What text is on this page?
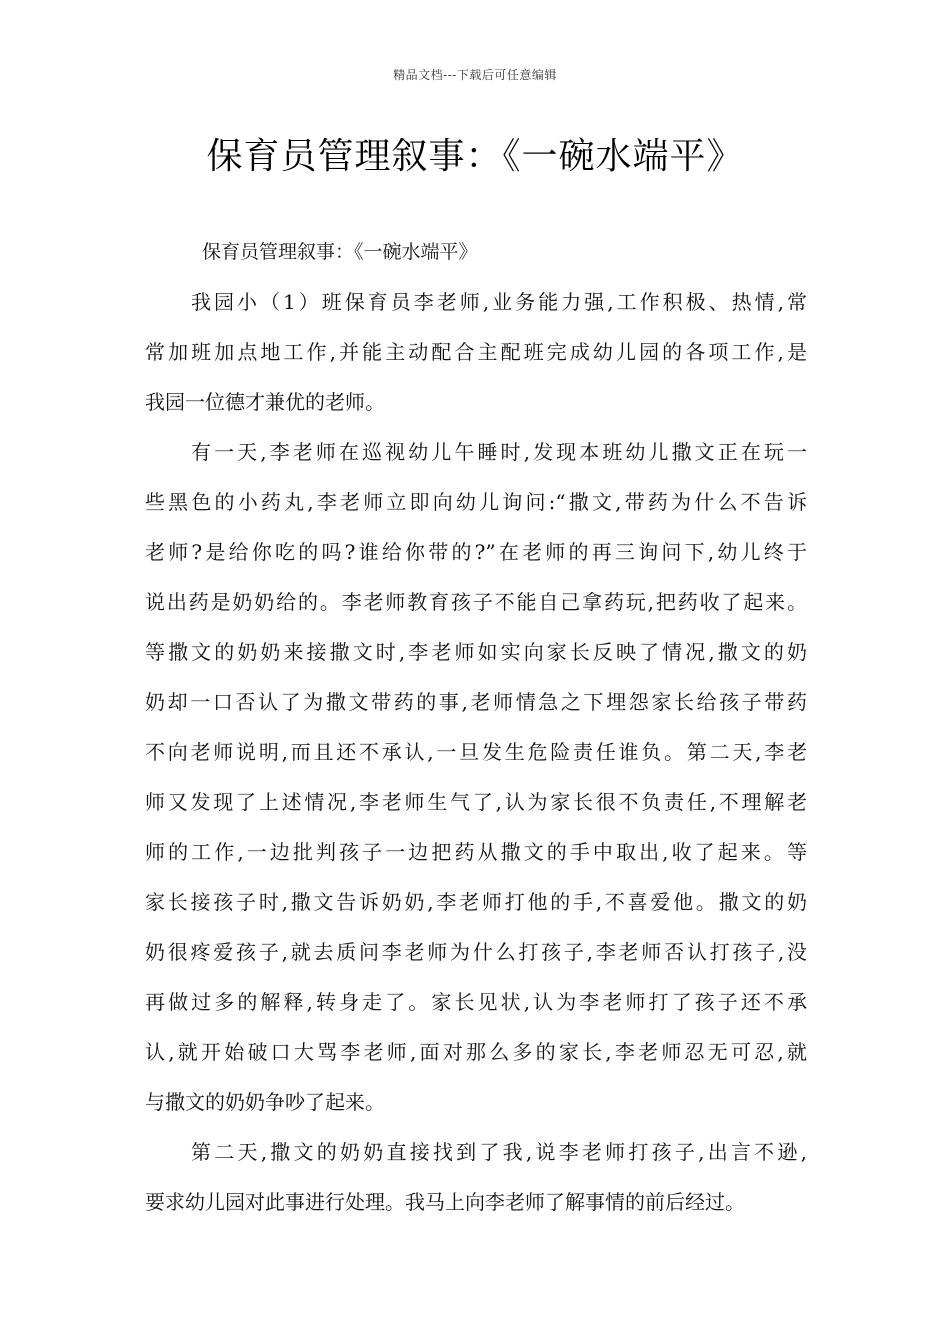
精品文档---下载后可任意编辑
保育员管理叙事：《一碗水端平》
保育员管理叙事：《一碗水端平》
我园小（1）班保育员李老师,业务能力强,工作积极、热情,常
常加班加点地工作,并能主动配合主配班完成幼儿园的各项工作,是
我园一位德才兼优的老师。
有一天,李老师在巡视幼儿午睡时,发现本班幼儿撒文正在玩一
些黑色的小药丸,李老师立即向幼儿询问:“撒文,带药为什么不告诉
老师?是给你吃的吗?谁给你带的?”在老师的再三询问下,幼儿终于
说出药是奶奶给的。李老师教育孩子不能自己拿药玩,把药收了起来。
等撒文的奶奶来接撒文时,李老师如实向家长反映了情况,撒文的奶
奶却一口否认了为撒文带药的事,老师情急之下埋怨家长给孩子带药
不向老师说明,而且还不承认,一旦发生危险责任谁负。第二天,李老
师又发现了上述情况,李老师生气了,认为家长很不负责任,不理解老
师的工作,一边批判孩子一边把药从撒文的手中取出,收了起来。等
家长接孩子时,撒文告诉奶奶,李老师打他的手,不喜爱他。撒文的奶
奶很疼爱孩子,就去质问李老师为什么打孩子,李老师否认打孩子,没
再做过多的解释,转身走了。家长见状,认为李老师打了孩子还不承
认,就开始破口大骂李老师,面对那么多的家长,李老师忍无可忍,就
与撒文的奶奶争吵了起来。
第二天,撒文的奶奶直接找到了我,说李老师打孩子,出言不逊,
要求幼儿园对此事进行处理。我马上向李老师了解事情的前后经过。
